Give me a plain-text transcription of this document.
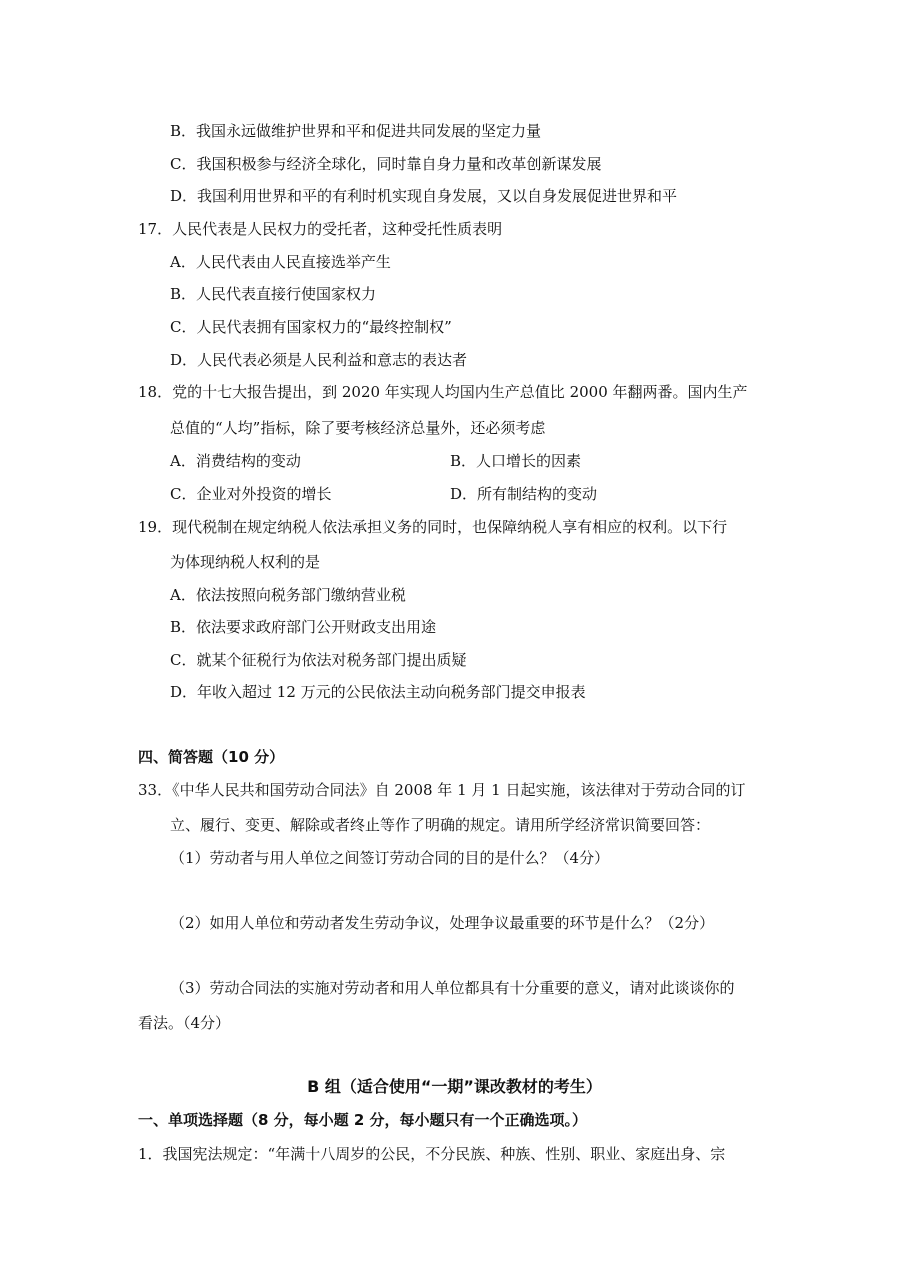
B．我国永远做维护世界和平和促进共同发展的坚定力量
C．我国积极参与经济全球化，同时靠自身力量和改革创新谋发展
D．我国利用世界和平的有利时机实现自身发展，又以自身发展促进世界和平
17．人民代表是人民权力的受托者，这种受托性质表明
A．人民代表由人民直接选举产生
B．人民代表直接行使国家权力
C．人民代表拥有国家权力的“最终控制权”
D．人民代表必须是人民利益和意志的表达者
18．党的十七大报告提出，到 2020 年实现人均国内生产总值比 2000 年翻两番。国内生产
总值的“人均”指标，除了要考核经济总量外，还必须考虑
A．消费结构的变动	B．人口增长的因素
C．企业对外投资的增长	D．所有制结构的变动
19．现代税制在规定纳税人依法承担义务的同时，也保障纳税人享有相应的权利。以下行
为体现纳税人权利的是
A．依法按照向税务部门缴纳营业税
B．依法要求政府部门公开财政支出用途
C．就某个征税行为依法对税务部门提出质疑
D．年收入超过 12 万元的公民依法主动向税务部门提交申报表
四、简答题（10 分）
33．《中华人民共和国劳动合同法》自 2008 年 1 月 1 日起实施，该法律对于劳动合同的订
立、履行、变更、解除或者终止等作了明确的规定。请用所学经济常识简要回答：
（1）劳动者与用人单位之间签订劳动合同的目的是什么？（4分）
（2）如用人单位和劳动者发生劳动争议，处理争议最重要的环节是什么？（2分）
（3）劳动合同法的实施对劳动者和用人单位都具有十分重要的意义，请对此谈谈你的
看法。（4分）
B 组（适合使用“一期”课改教材的考生）
一、单项选择题（8 分，每小题 2 分，每小题只有一个正确选项。）
1．我国宪法规定：“年满十八周岁的公民，不分民族、种族、性别、职业、家庭出身、宗
